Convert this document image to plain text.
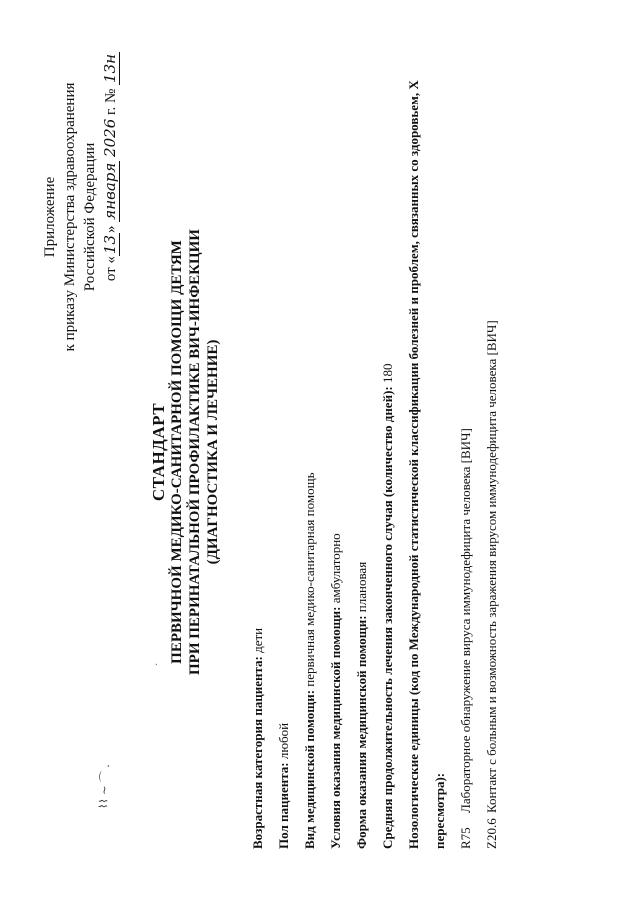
⌇⌇ ~ ⌒ .
·
Приложение к приказу Министерства здравоохранения Российской Федерации от «13» января 2026 г. № 13н
СТАНДАРТ ПЕРВИЧНОЙ МЕДИКО-САНИТАРНОЙ ПОМОЩИ ДЕТЯМ ПРИ ПЕРИНАТАЛЬНОЙ ПРОФИЛАКТИКЕ ВИЧ-ИНФЕКЦИИ (ДИАГНОСТИКА И ЛЕЧЕНИЕ)
Возрастная категория пациента: дети
Пол пациента: любой Вид медицинской помощи: первичная медико-санитарная помощь
Условия оказания медицинской помощи: амбулаторно
Форма оказания медицинской помощи: плановая Средняя продолжительность лечения законченного случая (количество дней): 180 Нозологические единицы (код по Международной статистической классификации болезней и проблем, связанных со здоровьем, Х пересмотра): R75
Лабораторное обнаружение вируса иммунодефицита человека [ВИЧ]
Z20.6
Контакт с больным и возможность заражения вирусом иммунодефицита человека [ВИЧ]
